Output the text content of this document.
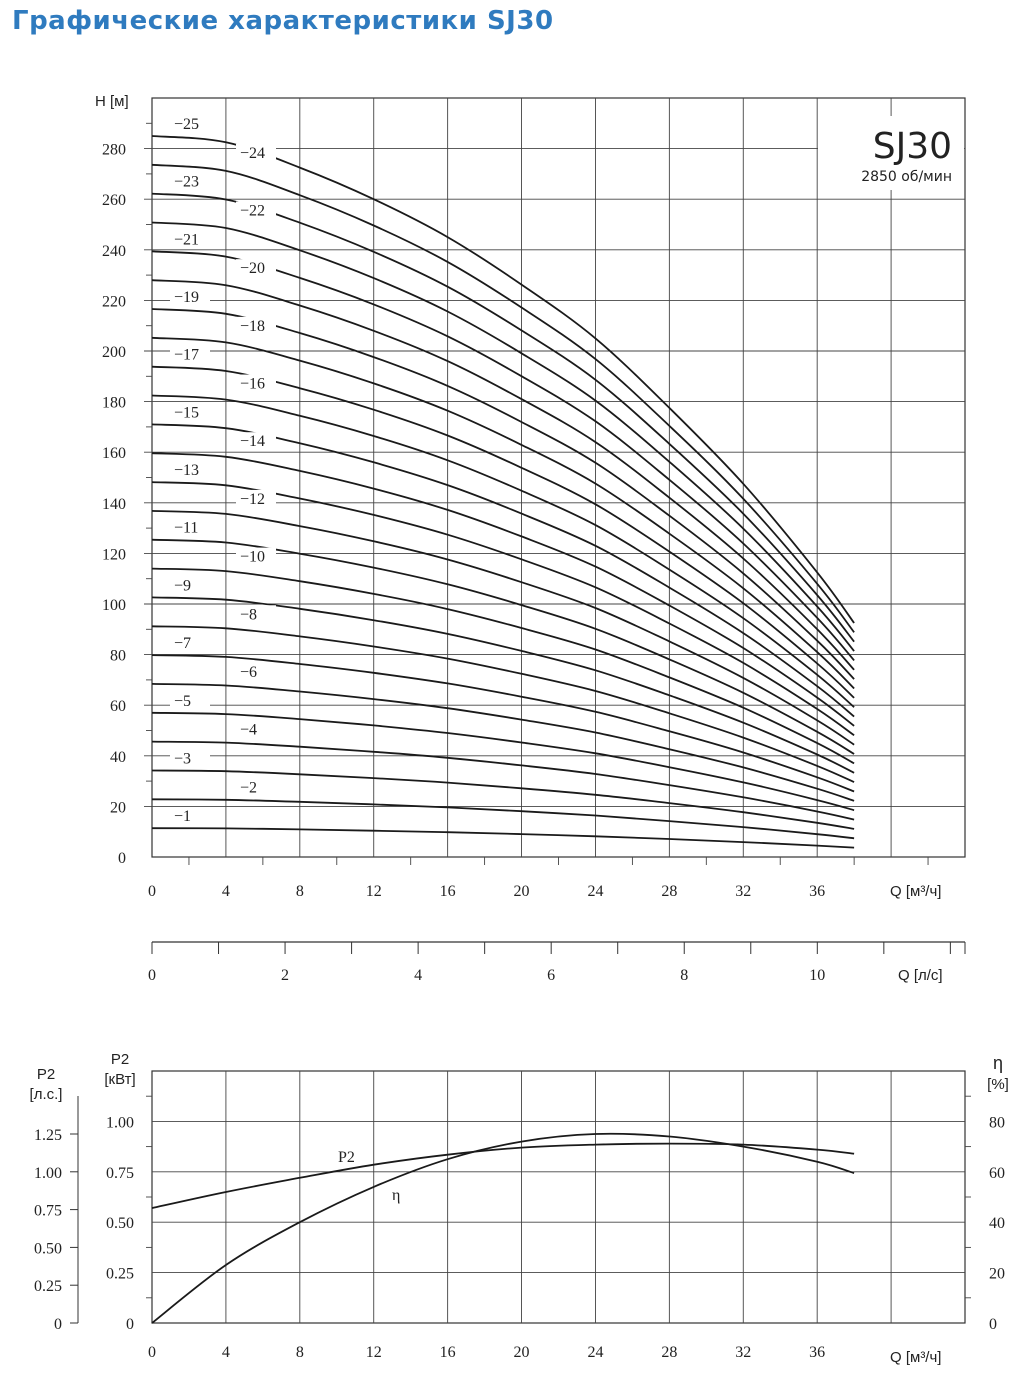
Графические характеристики SJ30
0	4	8	12	16	20	24	28	32	36
0
20
40
60
80
100
120
140
160
180
200
220
240
260
280
−1
−2
−3
−4
−5
−6
−7
−8
−9
−10
−11
−12
−13
−14
−15
−16
−17
−18
−19
−20
−21
−22
−23
−24
−25
SJ30
2850 об/мин
H [м]
Q [м³/ч]
0	2	4	6	8	10	Q [л/с]
0
0.25
0.50
0.75
1.00
1.25
0
0.25
0.50
0.75
1.00
0
20
40
60
80
0	4	8	12	16	20	24	28	32	36
P2
[кВт]
P2
[л.с.]
η
[%]
Q [м³/ч]
P2
η
